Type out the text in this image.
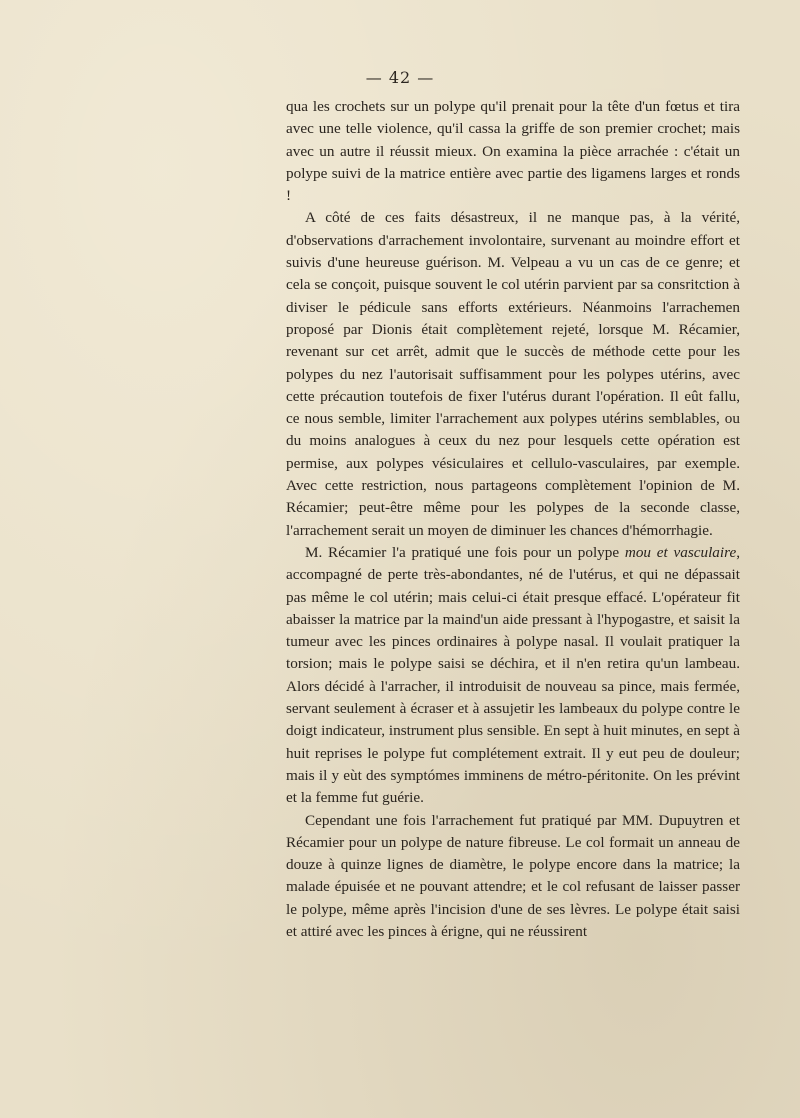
— 42 —

qua les crochets sur un polype qu'il prenait pour la tête d'un fœtus et tira avec une telle violence, qu'il cassa la griffe de son premier crochet; mais avec un autre il réussit mieux. On examina la pièce arrachée : c'était un polype suivi de la matrice entière avec partie des ligamens larges et ronds !

A côté de ces faits désastreux, il ne manque pas, à la vérité, d'observations d'arrachement involontaire, survenant au moindre effort et suivis d'une heureuse guérison. M. Velpeau a vu un cas de ce genre; et cela se conçoit, puisque souvent le col utérin parvient par sa consritction à diviser le pédicule sans efforts extérieurs. Néanmoins l'arrachemen proposé par Dionis était complètement rejeté, lorsque M. Récamier, revenant sur cet arrêt, admit que le succès de méthode cette pour les polypes du nez l'autorisait suffisamment pour les polypes utérins, avec cette précaution toutefois de fixer l'utérus durant l'opération. Il eût fallu, ce nous semble, limiter l'arrachement aux polypes utérins semblables, ou du moins analogues à ceux du nez pour lesquels cette opération est permise, aux polypes vésiculaires et cellulo-vasculaires, par exemple. Avec cette restriction, nous partageons complètement l'opinion de M. Récamier; peut-être même pour les polypes de la seconde classe, l'arrachement serait un moyen de diminuer les chances d'hémorrhagie.

M. Récamier l'a pratiqué une fois pour un polype mou et vasculaire, accompagné de perte très-abondantes, né de l'utérus, et qui ne dépassait pas même le col utérin; mais celui-ci était presque effacé. L'opérateur fit abaisser la matrice par la maind'un aide pressant à l'hypogastre, et saisit la tumeur avec les pinces ordinaires à polype nasal. Il voulait pratiquer la torsion; mais le polype saisi se déchira, et il n'en retira qu'un lambeau. Alors décidé à l'arracher, il introduisit de nouveau sa pince, mais fermée, servant seulement à écraser et à assujetir les lambeaux du polype contre le doigt indicateur, instrument plus sensible. En sept à huit minutes, en sept à huit reprises le polype fut complétement extrait. Il y eut peu de douleur; mais il y eùt des symptómes imminens de métro-péritonite. On les prévint et la femme fut guérie.

Cependant une fois l'arrachement fut pratiqué par MM. Dupuytren et Récamier pour un polype de nature fibreuse. Le col formait un anneau de douze à quinze lignes de diamètre, le polype encore dans la matrice; la malade épuisée et ne pouvant attendre; et le col refusant de laisser passer le polype, même après l'incision d'une de ses lèvres. Le polype était saisi et attiré avec les pinces à érigne, qui ne réussirent
